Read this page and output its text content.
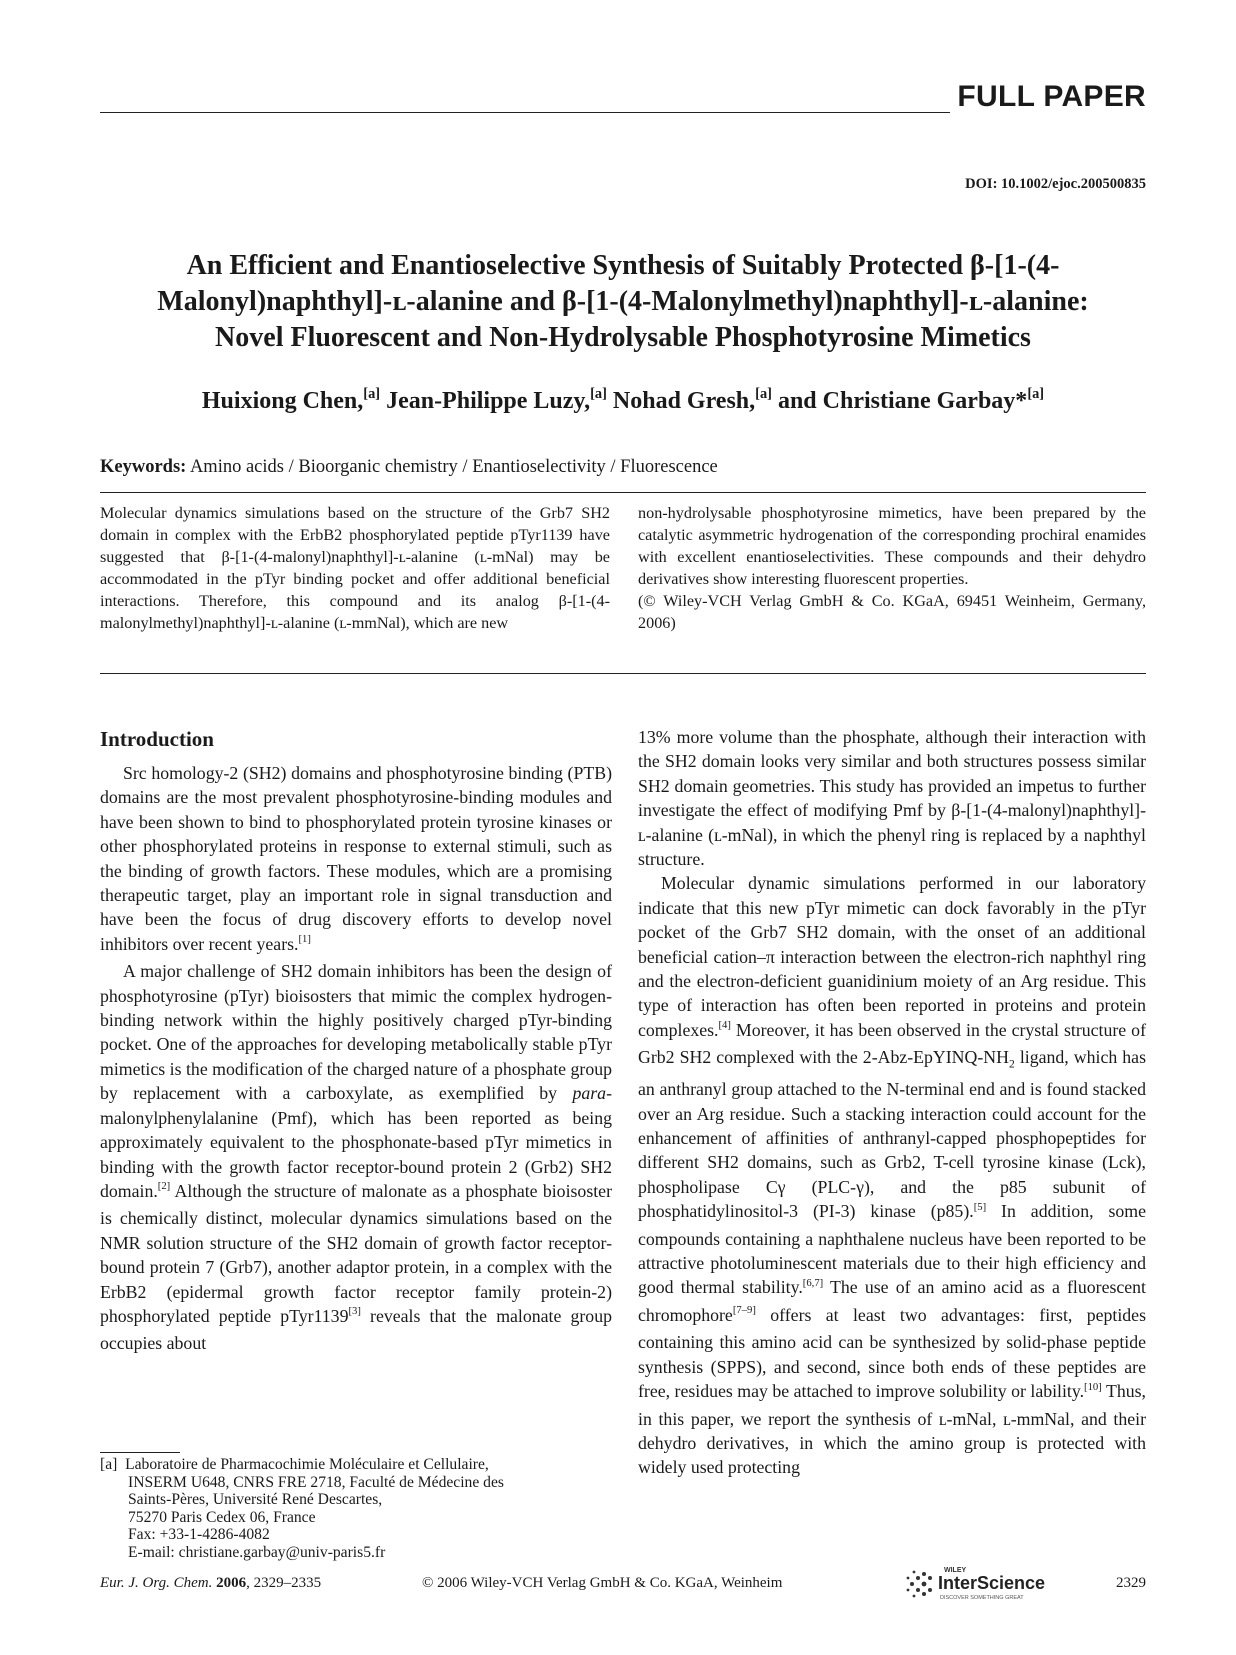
FULL PAPER
DOI: 10.1002/ejoc.200500835
An Efficient and Enantioselective Synthesis of Suitably Protected β-[1-(4-
Malonyl)naphthyl]-ʟ-alanine and β-[1-(4-Malonylmethyl)naphthyl]-ʟ-alanine:
Novel Fluorescent and Non-Hydrolysable Phosphotyrosine Mimetics
Huixiong Chen,[a] Jean-Philippe Luzy,[a] Nohad Gresh,[a] and Christiane Garbay*[a]
Keywords: Amino acids / Bioorganic chemistry / Enantioselectivity / Fluorescence
Molecular dynamics simulations based on the structure of the Grb7 SH2 domain in complex with the ErbB2 phosphorylated peptide pTyr1139 have suggested that β-[1-(4-malonyl)naphthyl]-ʟ-alanine (ʟ-mNal) may be accommodated in the pTyr binding pocket and offer additional beneficial interactions. Therefore, this compound and its analog β-[1-(4-malonylmethyl)naphthyl]-ʟ-alanine (ʟ-mmNal), which are new
non-hydrolysable phosphotyrosine mimetics, have been prepared by the catalytic asymmetric hydrogenation of the corresponding prochiral enamides with excellent enantioselectivities. These compounds and their dehydro derivatives show interesting fluorescent properties.
(© Wiley-VCH Verlag GmbH & Co. KGaA, 69451 Weinheim, Germany, 2006)
Introduction

Src homology-2 (SH2) domains and phosphotyrosine binding (PTB) domains are the most prevalent phosphotyrosine-binding modules and have been shown to bind to phosphorylated protein tyrosine kinases or other phosphorylated proteins in response to external stimuli, such as the binding of growth factors. These modules, which are a promising therapeutic target, play an important role in signal transduction and have been the focus of drug discovery efforts to develop novel inhibitors over recent years.[1]

A major challenge of SH2 domain inhibitors has been the design of phosphotyrosine (pTyr) bioisosters that mimic the complex hydrogen-binding network within the highly positively charged pTyr-binding pocket. One of the approaches for developing metabolically stable pTyr mimetics is the modification of the charged nature of a phosphate group by replacement with a carboxylate, as exemplified by para-malonylphenylalanine (Pmf), which has been reported as being approximately equivalent to the phosphonate-based pTyr mimetics in binding with the growth factor receptor-bound protein 2 (Grb2) SH2 domain.[2] Although the structure of malonate as a phosphate bioisoster is chemically distinct, molecular dynamics simulations based on the NMR solution structure of the SH2 domain of growth factor receptor-bound protein 7 (Grb7), another adaptor protein, in a complex with the ErbB2 (epidermal growth factor receptor family protein-2) phosphorylated peptide pTyr1139[3] reveals that the malonate group occupies about

13% more volume than the phosphate, although their interaction with the SH2 domain looks very similar and both structures possess similar SH2 domain geometries. This study has provided an impetus to further investigate the effect of modifying Pmf by β-[1-(4-malonyl)naphthyl]-ʟ-alanine (ʟ-mNal), in which the phenyl ring is replaced by a naphthyl structure.

Molecular dynamic simulations performed in our laboratory indicate that this new pTyr mimetic can dock favorably in the pTyr pocket of the Grb7 SH2 domain, with the onset of an additional beneficial cation–π interaction between the electron-rich naphthyl ring and the electron-deficient guanidinium moiety of an Arg residue. This type of interaction has often been reported in proteins and protein complexes.[4] Moreover, it has been observed in the crystal structure of Grb2 SH2 complexed with the $2-Abz-EpYINQ-NH_2$ ligand, which has an anthranyl group attached to the N-terminal end and is found stacked over an Arg residue. Such a stacking interaction could account for the enhancement of affinities of anthranyl-capped phosphopeptides for different SH2 domains, such as Grb2, T-cell tyrosine kinase (Lck), phospholipase Cγ (PLC-γ), and the p85 subunit of phosphatidylinositol-3 (PI-3) kinase (p85).[5] In addition, some compounds containing a naphthalene nucleus have been reported to be attractive photoluminescent materials due to their high efficiency and good thermal stability.[6,7] The use of an amino acid as a fluorescent chromophore[7–9] offers at least two advantages: first, peptides containing this amino acid can be synthesized by solid-phase peptide synthesis (SPPS), and second, since both ends of these peptides are free, residues may be attached to improve solubility or lability.[10] Thus, in this paper, we report the synthesis of ʟ-mNal, ʟ-mmNal, and their dehydro derivatives, in which the amino group is protected with widely used protecting

[a] Laboratoire de Pharmacochimie Moléculaire et Cellulaire,
INSERM U648, CNRS FRE 2718, Faculté de Médecine des
Saints-Pères, Université René Descartes,
75270 Paris Cedex 06, France
Fax: +33-1-4286-4082
E-mail: christiane.garbay@univ-paris5.fr
Eur. J. Org. Chem. 2006, 2329–2335	© 2006 Wiley-VCH Verlag GmbH & Co. KGaA, Weinheim
WILEY
InterScience
DISCOVER SOMETHING GREAT
2329
